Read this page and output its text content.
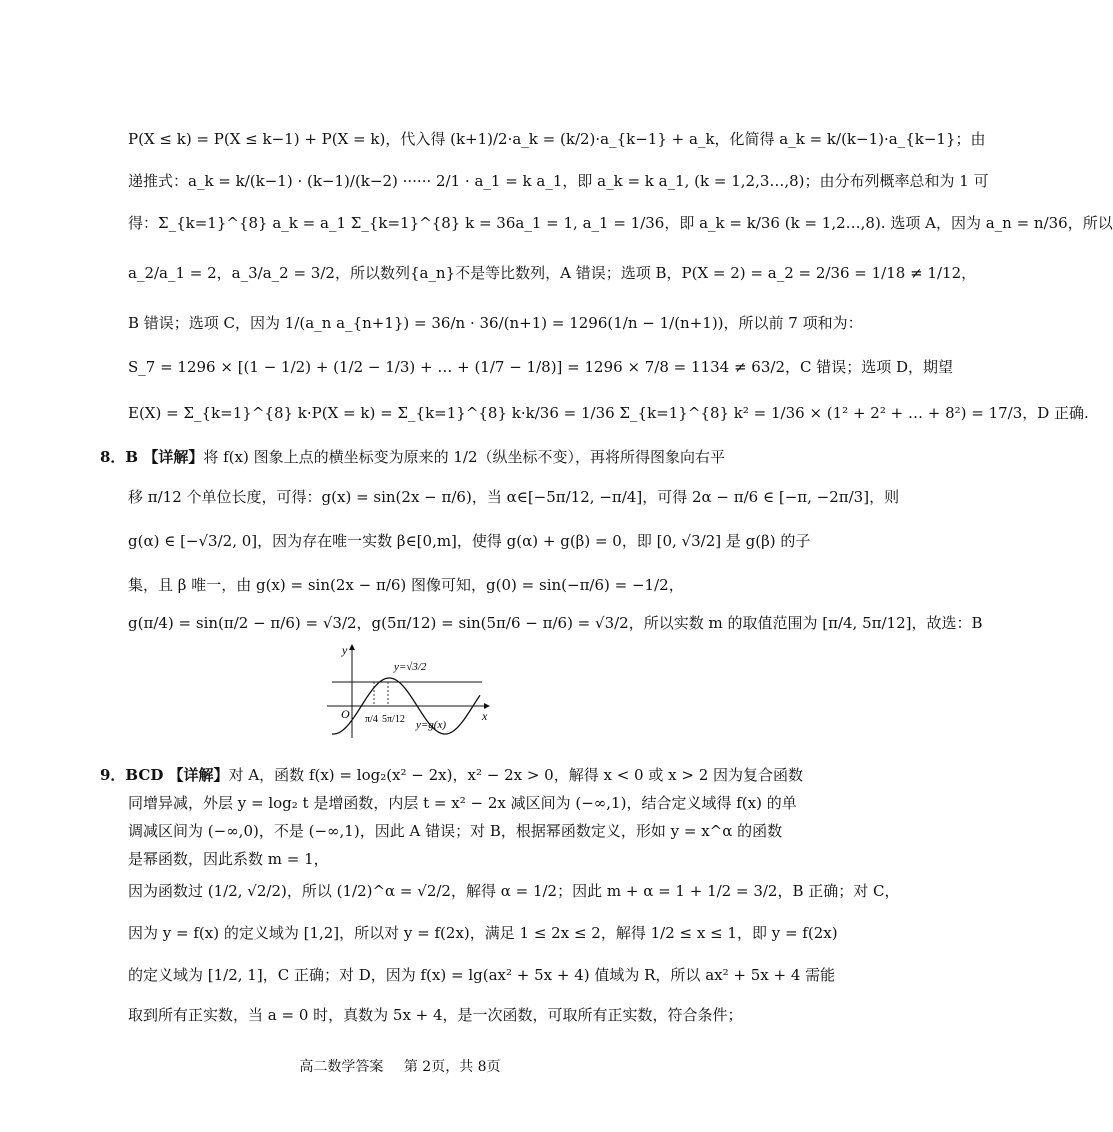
P(X ≤ k) = P(X ≤ k−1) + P(X = k)，代入得 (k+1)/2·a_k = (k/2)·a_{k−1} + a_k，化简得 a_k = k/(k−1)·a_{k−1}；由
递推式：a_k = k/(k−1) · (k−1)/(k−2) ······ 2/1 · a_1 = k a_1，即 a_k = k a_1, (k = 1,2,3…,8)；由分布列概率总和为 1 可
得：Σ_{k=1}^{8} a_k = a_1 Σ_{k=1}^{8} k = 36a_1 = 1, a_1 = 1/36，即 a_k = k/36 (k = 1,2…,8). 选项 A，因为 a_n = n/36，所以
a_2/a_1 = 2，a_3/a_2 = 3/2，所以数列{a_n}不是等比数列，A 错误；选项 B，P(X = 2) = a_2 = 2/36 = 1/18 ≠ 1/12，
B 错误；选项 C，因为 1/(a_n a_{n+1}) = 36/n · 36/(n+1) = 1296(1/n − 1/(n+1))，所以前 7 项和为：
S_7 = 1296 × [(1 − 1/2) + (1/2 − 1/3) + … + (1/7 − 1/8)] = 1296 × 7/8 = 1134 ≠ 63/2，C 错误；选项 D，期望
E(X) = Σ_{k=1}^{8} k·P(X = k) = Σ_{k=1}^{8} k·k/36 = 1/36 Σ_{k=1}^{8} k² = 1/36 × (1² + 2² + … + 8²) = 17/3，D 正确.
8．B 【详解】将 f(x) 图象上点的横坐标变为原来的 1/2（纵坐标不变），再将所得图象向右平
移 π/12 个单位长度，可得：g(x) = sin(2x − π/6)，当 α∈[−5π/12, −π/4]，可得 2α − π/6 ∈ [−π, −2π/3]，则
g(α) ∈ [−√3/2, 0]，因为存在唯一实数 β∈[0,m]，使得 g(α) + g(β) = 0，即 [0, √3/2] 是 g(β) 的子
集，且 β 唯一，由 g(x) = sin(2x − π/6) 图像可知，g(0) = sin(−π/6) = −1/2，
g(π/4) = sin(π/2 − π/6) = √3/2，g(5π/12) = sin(5π/6 − π/6) = √3/2，所以实数 m 的取值范围为 [π/4, 5π/12]，故选：B
y
x
O
y=√3/2
π/4 5π/12 y=g(x)
9．BCD 【详解】对 A，函数 f(x) = log₂(x² − 2x)，x² − 2x > 0，解得 x < 0 或 x > 2 因为复合函数
同增异减，外层 y = log₂ t 是增函数，内层 t = x² − 2x 减区间为 (−∞,1)，结合定义域得 f(x) 的单
调减区间为 (−∞,0)，不是 (−∞,1)，因此 A 错误；对 B，根据幂函数定义，形如 y = x^α 的函数
是幂函数，因此系数 m = 1，
因为函数过 (1/2, √2/2)，所以 (1/2)^α = √2/2，解得 α = 1/2；因此 m + α = 1 + 1/2 = 3/2，B 正确；对 C，
因为 y = f(x) 的定义域为 [1,2]，所以对 y = f(2x)，满足 1 ≤ 2x ≤ 2，解得 1/2 ≤ x ≤ 1，即 y = f(2x)
的定义域为 [1/2, 1]，C 正确；对 D，因为 f(x) = lg(ax² + 5x + 4) 值域为 R，所以 ax² + 5x + 4 需能
取到所有正实数，当 a = 0 时，真数为 5x + 4，是一次函数，可取所有正实数，符合条件；
高二数学答案 第 2页，共 8页
